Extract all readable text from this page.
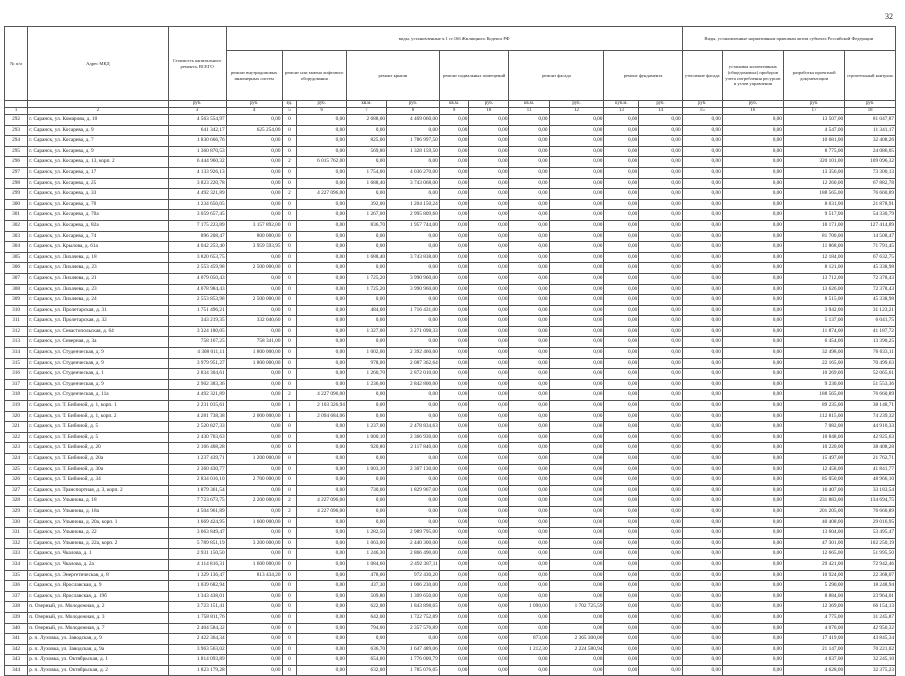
32
№ п/п	Адрес МКД	Стоимость капитального ремонта, ВСЕГО	виды, установленные ч.1 ст.166 Жилищного Кодекса РФ											Виды, установленные нормативным правовым актом субъекта Российской Федерации			
			ремонт внутридомовых инженерных систем	ремонт или замена лифтового оборудования		ремонт крыши		ремонт подвальных помещений		ремонт фасада		ремонт фундамента		утепление фасада	установка коллективных (общедомовых) приборов учета потребления ресурсов и узлов управления	разработка проектной документации	строительный контроль
		руб.	руб.	ед.	руб.	кв.м.	руб.	кв.м.	руб.	кв.м.	руб.	куб.м.	руб.	руб.	руб.	руб.	руб.
1	2	3	4	5	6	7	8	9	10	11	12	13	14	15	16	17	18
292	г. Саранск, ул. Комарова, д. 10	4 563 554,97	0,00	0	0,00	2 688,00	4 469 060,00	0,00	0,00	0,00	0,00	0,00	0,00	0,00	0,00	13 507,00	81 047,87
293	г. Саранск, ул. Косарева, д. 9	641 342,17	625 254,00	0	0,00	0,00	0,00	0,00	0,00	0,00	0,00	0,00	0,00	0,00	0,00	4 547,00	11 341,17
294	г. Саранск, ул. Косарева, д. 7	1 830 666,76	0,00	0	0,00	825,00	1 786 997,50	0,00	0,00	0,00	0,00	0,00	0,00	0,00	0,00	10 681,00	32 408,26
295	г. Саранск, ул. Косарева, д. 9	1 360 870,53	0,00	0	0,00	569,80	1 328 159,50	0,00	0,00	0,00	0,00	0,00	0,00	0,00	0,00	8 775,00	24 086,05
296	г. Саранск, ул. Косарева, д. 13, корп. 2	6 444 960,32	0,00	2	6 015 762,00	0,00	0,00	0,00	0,00	0,00	0,00	0,00	0,00	0,00	0,00	320 101,00	109 096,32
297	г. Саранск, ул. Косарева, д. 17	4 133 926,13	0,00	0	0,00	1 754,00	4 036 270,00	0,00	0,00	0,00	0,00	0,00	0,00	0,00	0,00	13 356,00	73 300,13
298	г. Саранск, ул. Косарева, д. 25	3 823 220,78	0,00	0	0,00	1 688,40	3 743 068,00	0,00	0,00	0,00	0,00	0,00	0,00	0,00	0,00	12 260,00	67 882,78
299	г. Саранск, ул. Косарева, д. 33	4 492 321,89	0,00	2	4 227 096,00	0,00	0,00	0,00	0,00	0,00	0,00	0,00	0,00	0,00	0,00	188 565,00	76 660,89
300	г. Саранск, ул. Косарева, д. 70	1 234 650,05	0,00	0	0,00	392,00	1 204 150,24	0,00	0,00	0,00	0,00	0,00	0,00	0,00	0,00	8 631,00	21 878,91
301	г. Саранск, ул. Косарева, д. 70а	3 059 657,45	0,00	0	0,00	1 267,00	2 995 809,60	0,00	0,00	0,00	0,00	0,00	0,00	0,00	0,00	9 517,00	54 330,79
302	г. Саранск, ул. Косарева, д. 82а	7 175 223,89	3 157 892,00	0	0,00	836,70	1 957 744,00	0,00	0,00	0,00	0,00	0,00	0,00	0,00	0,00	18 171,00	127 414,89
303	г. Саранск, ул. Косарева, д. 74	896 208,47	800 000,00	0	0,00	0,00	0,00	0,00	0,00	0,00	0,00	0,00	0,00	0,00	0,00	81 700,00	14 508,47
304	г. Саранск, ул. Крылова, д. 61а	4 042 253,40	3 959 593,95	0	0,00	0,00	0,00	0,00	0,00	0,00	0,00	0,00	0,00	0,00	0,00	11 868,00	71 791,45
305	г. Саранск, ул. Лихачева, д. 18	3 820 653,75	0,00	0	0,00	1 688,40	3 743 838,00	0,00	0,00	0,00	0,00	0,00	0,00	0,00	0,00	12 184,00	67 632,75
306	г. Саранск, ул. Лихачева, д. 23	2 553 459,98	2 500 000,00	0	0,00	0,00	0,00	0,00	0,00	0,00	0,00	0,00	0,00	0,00	0,00	8 121,00	45 338,98
307	г. Саранск, ул. Лихачева, д. 21	4 079 050,43	0,00	0	0,00	1 725,20	3 990 960,00	0,00	0,00	0,00	0,00	0,00	0,00	0,00	0,00	13 712,00	72 378,43
308	г. Саранск, ул. Лихачева, д. 23	4 078 984,43	0,00	0	0,00	1 725,20	3 990 960,00	0,00	0,00	0,00	0,00	0,00	0,00	0,00	0,00	13 626,00	72 378,43
309	г. Саранск, ул. Лихачева, д. 24	2 553 853,98	2 500 000,00	0	0,00	0,00	0,00	0,00	0,00	0,00	0,00	0,00	0,00	0,00	0,00	8 515,00	45 338,98
310	г. Саранск, ул. Пролетарская, д. 31	1 751 496,21	0,00	0	0,00	484,00	1 716 431,00	0,00	0,00	0,00	0,00	0,00	0,00	0,00	0,00	3 942,00	31 123,21
311	г. Саранск, ул. Пролетарская, д. 32	343 219,35	332 040,60	0	0,00	0,00	0,00	0,00	0,00	0,00	0,00	0,00	0,00	0,00	0,00	5 137,00	6 041,75
312	г. Саранск, ул. Севастопольская, д. 64	3 324 180,05	0,00	0	0,00	1 327,00	3 271 098,33	0,00	0,00	0,00	0,00	0,00	0,00	0,00	0,00	11 874,00	41 187,72
313	г. Саранск, ул. Северная, д. 3а	758 167,25	758 341,00	0	0,00	0,00	0,00	0,00	0,00	0,00	0,00	0,00	0,00	0,00	0,00	6 454,00	13 390,25
314	г. Саранск, ул. Студенческая, д. 9	4 308 011,11	1 800 000,00	0	0,00	1 002,00	2 392 460,00	0,00	0,00	0,00	0,00	0,00	0,00	0,00	0,00	32 498,00	76 033,11
315	г. Саранск, ул. Студенческая, д. 9	3 979 951,27	1 800 000,00	0	0,00	978,00	2 087 362,64	0,00	0,00	0,00	0,00	0,00	0,00	0,00	0,00	22 165,00	70 499,63
316	г. Саранск, ул. Студенческая, д. 1	2 834 304,61	0,00	0	0,00	1 260,70	2 872 010,00	0,00	0,00	0,00	0,00	0,00	0,00	0,00	0,00	10 269,00	52 065,61
317	г. Саранск, ул. Студенческая, д. 9	2 902 383,36	0,00	0	0,00	1 236,00	2 842 800,00	0,00	0,00	0,00	0,00	0,00	0,00	0,00	0,00	9 230,00	51 553,36
318	г. Саранск, ул. Студенческая, д. 11а	4 492 321,89	0,00	2	4 227 096,00	0,00	0,00	0,00	0,00	0,00	0,00	0,00	0,00	0,00	0,00	188 565,00	76 660,89
319	г. Саранск, ул. Т. Бибиной, д. 1, корп. 1	2 231 015,61	0,00	1	2 103 326,94	0,00	0,00	0,00	0,00	0,00	0,00	0,00	0,00	0,00	0,00	89 235,00	38 148,71
320	г. Саранск, ул. Т. Бибиной, д. 1, корп. 2	4 281 738,38	2 000 000,00	1	2 094 684,06	0,00	0,00	0,00	0,00	0,00	0,00	0,00	0,00	0,00	0,00	112 815,00	74 239,32
321	г. Саранск, ул. Т. Бибиной, д. 5	2 520 827,33	0,00	0	0,00	1 237,00	2 478 834,63	0,00	0,00	0,00	0,00	0,00	0,00	0,00	0,00	7 082,00	44 910,33
322	г. Саранск, ул. Т. Бибиной, д. 5	2 430 703,63	0,00	0	0,00	1 000,10	2 366 930,00	0,00	0,00	0,00	0,00	0,00	0,00	0,00	0,00	10 848,00	42 925,63
323	г. Саранск, ул. Т. Бибиной, д. 20	2 166 408,28	0,00	0	0,00	920,80	2 117 840,00	0,00	0,00	0,00	0,00	0,00	0,00	0,00	0,00	10 220,00	38 408,28
324	г. Саранск, ул. Т. Бибиной, д. 20а	1 237 439,71	1 200 000,00	0	0,00	0,00	0,00	0,00	0,00	0,00	0,00	0,00	0,00	0,00	0,00	15 497,00	21 762,71
325	г. Саранск, ул. Т. Бибиной, д. 30а	2 360 430,77	0,00	0	0,00	1 003,10	2 307 130,00	0,00	0,00	0,00	0,00	0,00	0,00	0,00	0,00	12 458,00	41 841,77
326	г. Саранск, ул. Т. Бибиной, д. 34	2 834 016,10	2 700 000,00	0	0,00	0,00	0,00	0,00	0,00	0,00	0,00	0,00	0,00	0,00	0,00	85 050,00	48 966,10
327	г. Саранск, ул. Транспортная, д. 3, корп. 2	1 879 361,54	0,00	0	0,00	730,00	1 829 967,00	0,00	0,00	0,00	0,00	0,00	0,00	0,00	0,00	16 407,00	33 183,54
328	г. Саранск, ул. Ульянова, д. 18	7 723 673,75	2 200 000,00	2	4 227 096,00	0,00	0,00	0,00	0,00	0,00	0,00	0,00	0,00	0,00	0,00	231 883,00	134 694,75
329	г. Саранск, ул. Ульянова, д. 18а	4 504 961,89	0,00	2	4 227 096,00	0,00	0,00	0,00	0,00	0,00	0,00	0,00	0,00	0,00	0,00	201 205,00	76 660,89
330	г. Саранск, ул. Ульянова, д. 20а, корп. 1	1 669 424,95	1 600 000,00	0	0,00	0,00	0,00	0,00	0,00	0,00	0,00	0,00	0,00	0,00	0,00	40 408,00	29 016,95
331	г. Саранск, ул. Ульянова, д. 22	3 063 849,47	0,00	0	0,00	1 282,50	2 989 795,00	0,00	0,00	0,00	0,00	0,00	0,00	0,00	0,00	13 604,00	53 495,47
332	г. Саранск, ул. Ульянова, д. 22а, корп. 2	5 789 851,19	3 200 000,00	0	0,00	1 063,00	2 440 300,00	0,00	0,00	0,00	0,00	0,00	0,00	0,00	0,00	47 301,00	102 250,19
333	г. Саранск, ул. Чкалова, д. 1	2 931 150,50	0,00	0	0,00	1 246,30	2 866 490,00	0,00	0,00	0,00	0,00	0,00	0,00	0,00	0,00	12 665,00	51 995,50
334	г. Саранск, ул. Чкалова, д. 2а	4 114 816,31	1 600 000,00	0	0,00	1 084,60	2 492 387,11	0,00	0,00	0,00	0,00	0,00	0,00	0,00	0,00	29 421,00	72 942,46
335	г. Саранск, ул. Энергетическая, д. 8	1 329 136,47	813 434,20	0	0,00	478,00	972 430,20	0,00	0,00	0,00	0,00	0,00	0,00	0,00	0,00	10 924,00	22 368,07
336	г. Саранск, ул. Ярославская, д. 9	1 039 682,94	0,00	0	0,00	437,30	1 006 230,00	0,00	0,00	0,00	0,00	0,00	0,00	0,00	0,00	5 290,00	18 248,94
337	г. Саранск, ул. Ярославская, д. 19б	1 343 438,01	0,00	0	0,00	509,80	1 309 650,00	0,00	0,00	0,00	0,00	0,00	0,00	0,00	0,00	8 884,00	23 964,01
338	п. Озерный, ул. Молодежная, д. 2	3 723 151,41	0,00	0	0,00	622,00	1 843 898,65	0,00	0,00	1 090,00	1 702 725,59	0,00	0,00	0,00	0,00	12 369,00	66 154,13
339	п. Озерный, ул. Молодежная, д. 3	1 758 811,76	0,00	0	0,00	642,00	1 722 752,89	0,00	0,00	0,00	0,00	0,00	0,00	0,00	0,00	4 775,00	31 245,87
340	п. Озерный, ул. Молодежная, д. 7	2 404 584,32	0,00	0	0,00	794,00	2 357 576,89	0,00	0,00	0,00	0,00	0,00	0,00	0,00	0,00	4 070,00	42 950,32
341	р. п. Луховка, ул. Заводская, д. 9	2 422 364,34	0,00	0	0,00	0,00	0,00	0,00	0,00	873,00	2 365 300,00	0,00	0,00	0,00	0,00	17 419,00	43 845,34
342	р. п. Луховка, ул. Заводская, д. 9а	3 963 563,02	0,00	0	0,00	636,70	1 647 489,06	0,00	0,00	1 212,30	2 224 580,94	0,00	0,00	0,00	0,00	21 147,00	70 221,02
343	р. п. Луховка, ул. Октябрьская, д. 1	1 814 093,89	0,00	0	0,00	654,00	1 776 000,79	0,00	0,00	0,00	0,00	0,00	0,00	0,00	0,00	4 637,00	32 245,10
344	р. п. Луховка, ул. Октябрьская, д. 2	1 823 179,28	0,00	0	0,00	632,00	1 785 076,05	0,00	0,00	0,00	0,00	0,00	0,00	0,00	0,00	4 628,00	32 375,23
